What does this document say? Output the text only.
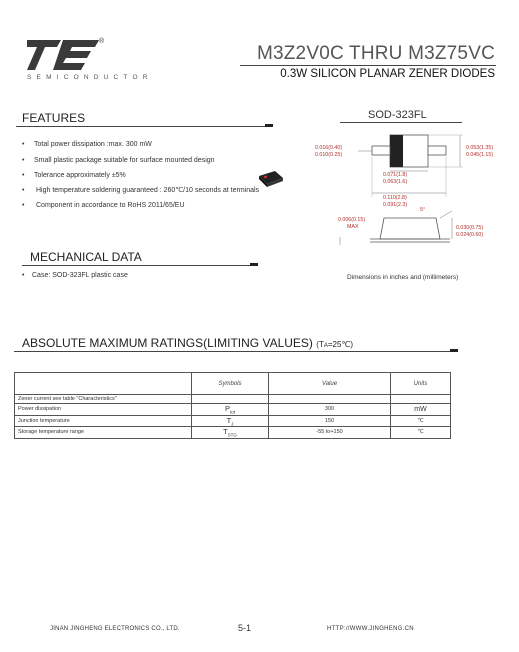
®
SEMICONDUCTOR
M3Z2V0C THRU M3Z75VC
0.3W SILICON PLANAR ZENER DIODES
FEATURES
• Total power dissipation :max. 300 mW
• Small plastic package suitable for surface mounted design
• Tolerance approximately ±5%
• High temperature soldering guaranteed : 260℃/10 seconds at terminals
• Component in accordance to RoHS 2011/65/EU
SOD-323FL
0.016(0.40)
0.010(0.25)
0.053(1.35)
0.045(1.15)
0.071(1.8)
0.063(1.6)
0.110(2.8)
0.091(2.3)
0.006(0.15)
MAX	0.030(0.75)
0.024(0.60)
5°
Dimensions in inches and (millimeters)
MECHANICAL DATA
• Case: SOD-323FL plastic case
ABSOLUTE MAXIMUM RATINGS(LIMITING VALUES) (TA=25℃)
	Symbols	Value	Units
Zener current see table "Characteristics"			
Power dissipation	$P_{tot}$	300	mW
Junction temperature	$T_J$	150	℃
Storage temperature range	$T_{STG}$	-55 to+150	℃
JINAN JINGHENG ELECTRONICS CO., LTD.	5-1	HTTP://WWW.JINGHENG.CN
